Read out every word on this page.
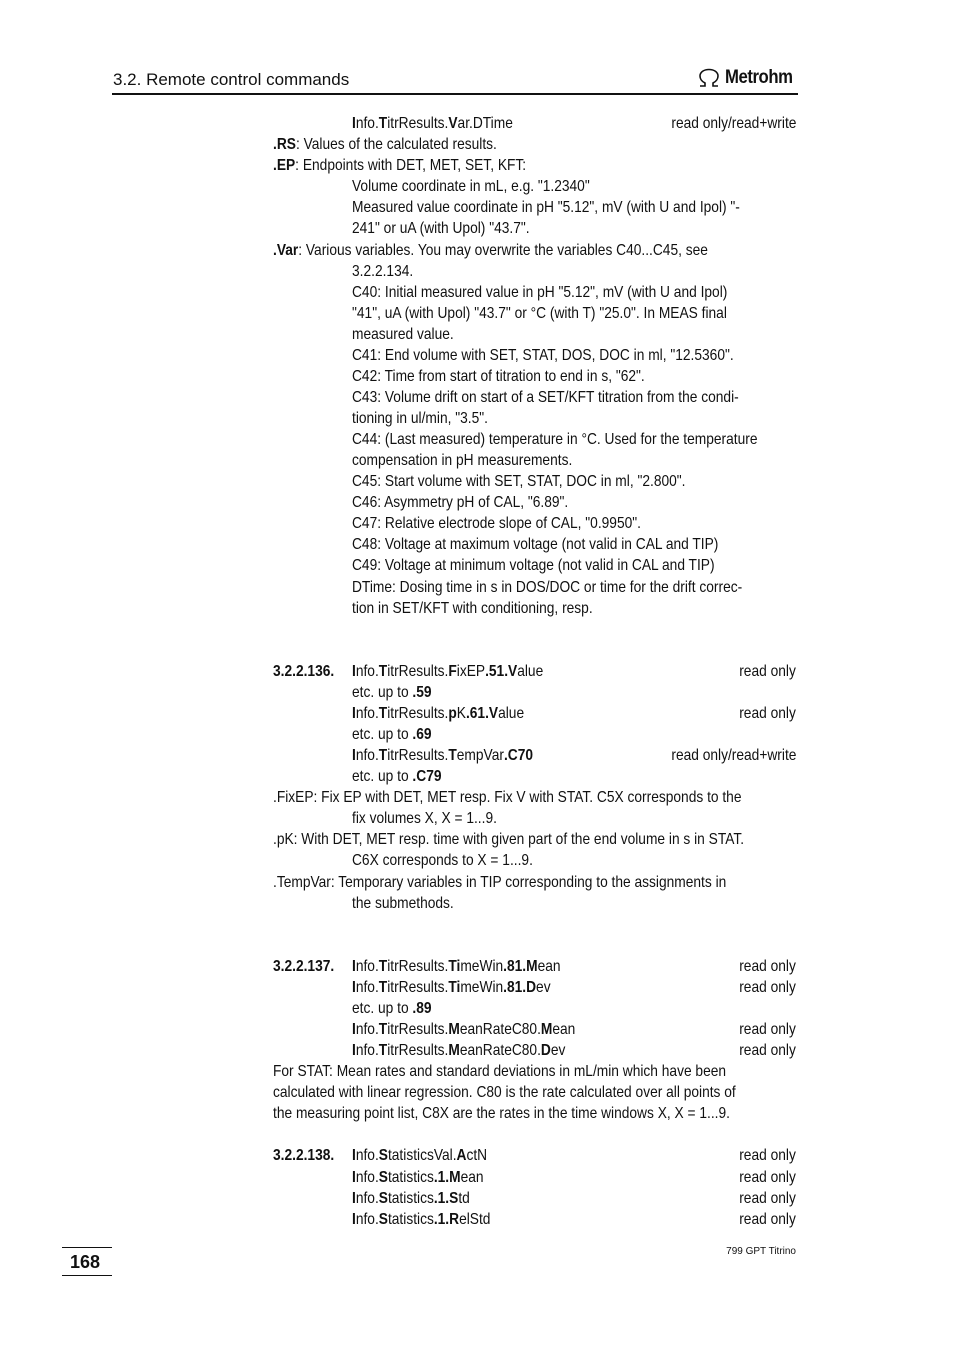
3.2. Remote control commands	Metrohm
Info.TitrResults.Var.DTime	read only/read+write
.RS: Values of the calculated results.
.EP: Endpoints with DET, MET, SET, KFT:
Volume coordinate in mL, e.g. "1.2340"
Measured value coordinate in pH "5.12", mV (with U and Ipol) "-
241" or uA (with Upol) "43.7".
.Var: Various variables. You may overwrite the variables C40...C45, see
3.2.2.134.
C40: Initial measured value in pH "5.12", mV (with U and Ipol)
"41", uA (with Upol) "43.7" or °C (with T) "25.0". In MEAS final
measured value.
C41: End volume with SET, STAT, DOS, DOC in ml, "12.5360".
C42: Time from start of titration to end in s, "62".
C43: Volume drift on start of a SET/KFT titration from the condi-
tioning in ul/min, "3.5".
C44: (Last measured) temperature in °C. Used for the temperature
compensation in pH measurements.
C45: Start volume with SET, STAT, DOC in ml, "2.800".
C46: Asymmetry pH of CAL, "6.89".
C47: Relative electrode slope of CAL, "0.9950".
C48: Voltage at maximum voltage (not valid in CAL and TIP)
C49: Voltage at minimum voltage (not valid in CAL and TIP)
DTime: Dosing time in s in DOS/DOC or time for the drift correc-
tion in SET/KFT with conditioning, resp.
3.2.2.136. Info.TitrResults.FixEP.51.Value	read only
etc. up to .59
Info.TitrResults.pK.61.Value	read only
etc. up to .69
Info.TitrResults.TempVar.C70	read only/read+write
etc. up to .C79
.FixEP: Fix EP with DET, MET resp. Fix V with STAT. C5X corresponds to the
fix volumes X, X = 1...9.
.pK: With DET, MET resp. time with given part of the end volume in s in STAT.
C6X corresponds to X = 1...9.
.TempVar: Temporary variables in TIP corresponding to the assignments in
the submethods.
3.2.2.137. Info.TitrResults.TimeWin.81.Mean	read only
Info.TitrResults.TimeWin.81.Dev	read only
etc. up to .89
Info.TitrResults.MeanRateC80.Mean	read only
Info.TitrResults.MeanRateC80.Dev	read only
For STAT: Mean rates and standard deviations in mL/min which have been
calculated with linear regression. C80 is the rate calculated over all points of
the measuring point list, C8X are the rates in the time windows X, X = 1...9.
3.2.2.138. Info.StatisticsVal.ActN	read only
Info.Statistics.1.Mean	read only
Info.Statistics.1.Std	read only
Info.Statistics.1.RelStd	read only
168
799 GPT Titrino
